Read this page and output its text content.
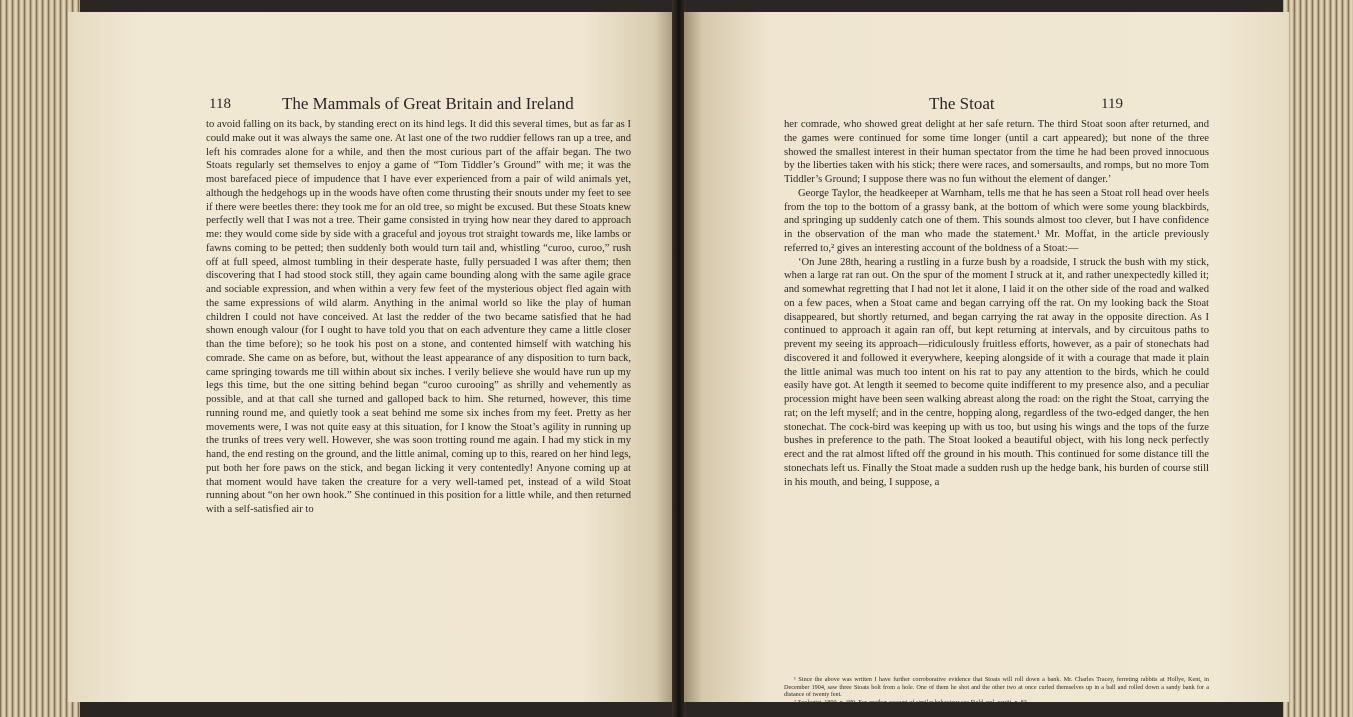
118	The Mammals of Great Britain and Ireland

to avoid falling on its back, by standing erect on its hind legs. It did this several times, but as far as I could make out it was always the same one. At last one of the two ruddier fellows ran up a tree, and left his comrades alone for a while, and then the most curious part of the affair began. The two Stoats regularly set themselves to enjoy a game of “Tom Tiddler’s Ground” with me; it was the most barefaced piece of impudence that I have ever experienced from a pair of wild animals yet, although the hedgehogs up in the woods have often come thrusting their snouts under my feet to see if there were beetles there: they took me for an old tree, so might be excused. But these Stoats knew perfectly well that I was not a tree. Their game consisted in trying how near they dared to approach me: they would come side by side with a graceful and joyous trot straight towards me, like lambs or fawns coming to be petted; then suddenly both would turn tail and, whistling “curoo, curoo,” rush off at full speed, almost tumbling in their desperate haste, fully persuaded I was after them; then discovering that I had stood stock still, they again came bounding along with the same agile grace and sociable expression, and when within a very few feet of the mysterious object fled again with the same expressions of wild alarm. Anything in the animal world so like the play of human children I could not have conceived. At last the redder of the two became satisfied that he had shown enough valour (for I ought to have told you that on each adventure they came a little closer than the time before); so he took his post on a stone, and contented himself with watching his comrade. She came on as before, but, without the least appearance of any disposition to turn back, came springing towards me till within about six inches. I verily believe she would have run up my legs this time, but the one sitting behind began “curoo curooing” as shrilly and vehemently as possible, and at that call she turned and galloped back to him. She returned, however, this time running round me, and quietly took a seat behind me some six inches from my feet. Pretty as her movements were, I was not quite easy at this situation, for I know the Stoat’s agility in running up the trunks of trees very well. However, she was soon trotting round me again. I had my stick in my hand, the end resting on the ground, and the little animal, coming up to this, reared on her hind legs, put both her fore paws on the stick, and began licking it very contentedly! Anyone coming up at that moment would have taken the creature for a very well-tamed pet, instead of a wild Stoat running about “on her own hook.” She continued in this position for a little while, and then returned with a self-satisfied air to

The Stoat	119

her comrade, who showed great delight at her safe return. The third Stoat soon after returned, and the games were continued for some time longer (until a cart appeared); but none of the three showed the smallest interest in their human spectator from the time he had been proved innocuous by the liberties taken with his stick; there were races, and somersaults, and romps, but no more Tom Tiddler’s Ground; I suppose there was no fun without the element of danger.’

George Taylor, the headkeeper at Warnham, tells me that he has seen a Stoat roll head over heels from the top to the bottom of a grassy bank, at the bottom of which were some young blackbirds, and springing up suddenly catch one of them. This sounds almost too clever, but I have confidence in the observation of the man who made the statement.¹ Mr. Moffat, in the article previously referred to,² gives an interesting account of the boldness of a Stoat:—

‘On June 28th, hearing a rustling in a furze bush by a roadside, I struck the bush with my stick, when a large rat ran out. On the spur of the moment I struck at it, and rather unexpectedly killed it; and somewhat regretting that I had not let it alone, I laid it on the other side of the road and walked on a few paces, when a Stoat came and began carrying off the rat. On my looking back the Stoat disappeared, but shortly returned, and began carrying the rat away in the opposite direction. As I continued to approach it again ran off, but kept returning at intervals, and by circuitous paths to prevent my seeing its approach—ridiculously fruitless efforts, however, as a pair of stonechats had discovered it and followed it everywhere, keeping alongside of it with a courage that made it plain the little animal was much too intent on his rat to pay any attention to the birds, which he could easily have got. At length it seemed to become quite indifferent to my presence also, and a peculiar procession might have been seen walking abreast along the road: on the right the Stoat, carrying the rat; on the left myself; and in the centre, hopping along, regardless of the two-edged danger, the hen stonechat. The cock-bird was keeping up with us too, but using his wings and the tops of the furze bushes in preference to the path. The Stoat looked a beautiful object, with his long neck perfectly erect and the rat almost lifted off the ground in his mouth. This continued for some distance till the stonechats left us. Finally the Stoat made a sudden rush up the hedge bank, his burden of course still in his mouth, and being, I suppose, a

¹ Since the above was written I have further corroborative evidence that Stoats will roll down a bank. Mr. Charles Tracey, ferreting rabbits at Hollye, Kent, in December 1904, saw three Stoats bolt from a hole. One of them he shot and the other two at once curled themselves up in a ball and rolled down a sandy bank for a distance of twenty feet.

² Zoologist, 1890, p. 380. For another account of similar behaviour see Field, vol. xcviii. p. 83.
